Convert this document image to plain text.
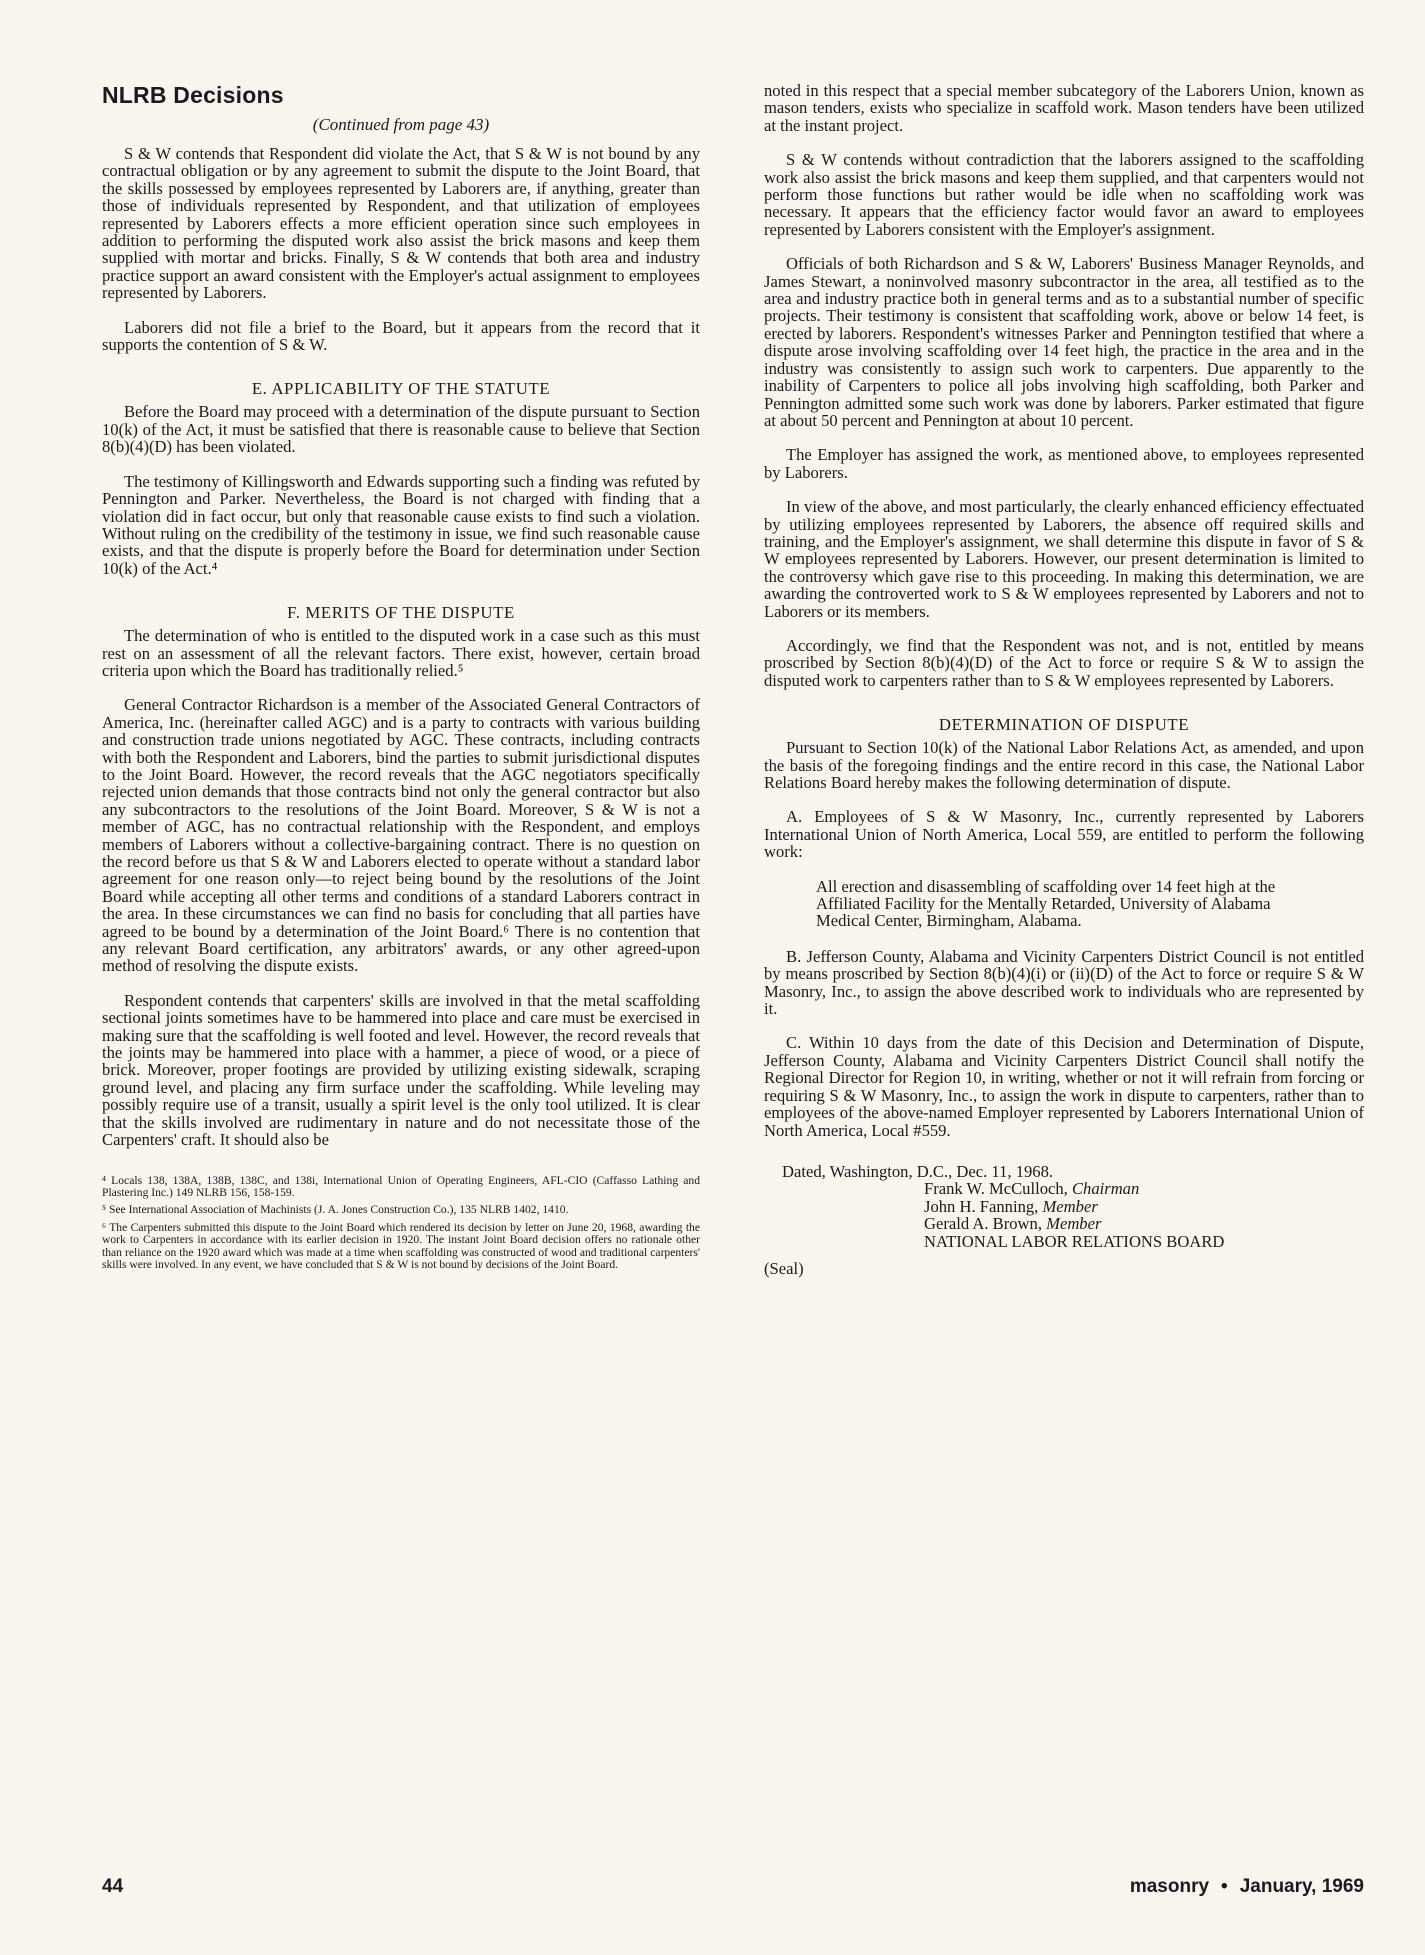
NLRB Decisions
(Continued from page 43)

S & W contends that Respondent did violate the Act, that S & W is not bound by any contractual obligation or by any agreement to submit the dispute to the Joint Board, that the skills possessed by employees represented by Laborers are, if anything, greater than those of individuals represented by Respondent, and that utilization of employees represented by Laborers effects a more efficient operation since such employees in addition to performing the disputed work also assist the brick masons and keep them supplied with mortar and bricks. Finally, S & W contends that both area and industry practice support an award consistent with the Employer's actual assignment to employees represented by Laborers.

Laborers did not file a brief to the Board, but it appears from the record that it supports the contention of S & W.

E. APPLICABILITY OF THE STATUTE

Before the Board may proceed with a determination of the dispute pursuant to Section 10(k) of the Act, it must be satisfied that there is reasonable cause to believe that Section 8(b)(4)(D) has been violated.

The testimony of Killingsworth and Edwards supporting such a finding was refuted by Pennington and Parker. Nevertheless, the Board is not charged with finding that a violation did in fact occur, but only that reasonable cause exists to find such a violation. Without ruling on the credibility of the testimony in issue, we find such reasonable cause exists, and that the dispute is properly before the Board for determination under Section 10(k) of the Act.⁴

F. MERITS OF THE DISPUTE

The determination of who is entitled to the disputed work in a case such as this must rest on an assessment of all the relevant factors. There exist, however, certain broad criteria upon which the Board has traditionally relied.⁵

General Contractor Richardson is a member of the Associated General Contractors of America, Inc. (hereinafter called AGC) and is a party to contracts with various building and construction trade unions negotiated by AGC. These contracts, including contracts with both the Respondent and Laborers, bind the parties to submit jurisdictional disputes to the Joint Board. However, the record reveals that the AGC negotiators specifically rejected union demands that those contracts bind not only the general contractor but also any subcontractors to the resolutions of the Joint Board. Moreover, S & W is not a member of AGC, has no contractual relationship with the Respondent, and employs members of Laborers without a collective-bargaining contract. There is no question on the record before us that S & W and Laborers elected to operate without a standard labor agreement for one reason only—to reject being bound by the resolutions of the Joint Board while accepting all other terms and conditions of a standard Laborers contract in the area. In these circumstances we can find no basis for concluding that all parties have agreed to be bound by a determination of the Joint Board.⁶ There is no contention that any relevant Board certification, any arbitrators' awards, or any other agreed-upon method of resolving the dispute exists.

Respondent contends that carpenters' skills are involved in that the metal scaffolding sectional joints sometimes have to be hammered into place and care must be exercised in making sure that the scaffolding is well footed and level. However, the record reveals that the joints may be hammered into place with a hammer, a piece of wood, or a piece of brick. Moreover, proper footings are provided by utilizing existing sidewalk, scraping ground level, and placing any firm surface under the scaffolding. While leveling may possibly require use of a transit, usually a spirit level is the only tool utilized. It is clear that the skills involved are rudimentary in nature and do not necessitate those of the Carpenters' craft. It should also be

⁴ Locals 138, 138A, 138B, 138C, and 138i, International Union of Operating Engineers, AFL-CIO (Caffasso Lathing and Plastering Inc.) 149 NLRB 156, 158-159.

⁵ See International Association of Machinists (J. A. Jones Construction Co.), 135 NLRB 1402, 1410.

⁶ The Carpenters submitted this dispute to the Joint Board which rendered its decision by letter on June 20, 1968, awarding the work to Carpenters in accordance with its earlier decision in 1920. The instant Joint Board decision offers no rationale other than reliance on the 1920 award which was made at a time when scaffolding was constructed of wood and traditional carpenters' skills were involved. In any event, we have concluded that S & W is not bound by decisions of the Joint Board.

noted in this respect that a special member subcategory of the Laborers Union, known as mason tenders, exists who specialize in scaffold work. Mason tenders have been utilized at the instant project.

S & W contends without contradiction that the laborers assigned to the scaffolding work also assist the brick masons and keep them supplied, and that carpenters would not perform those functions but rather would be idle when no scaffolding work was necessary. It appears that the efficiency factor would favor an award to employees represented by Laborers consistent with the Employer's assignment.

Officials of both Richardson and S & W, Laborers' Business Manager Reynolds, and James Stewart, a noninvolved masonry subcontractor in the area, all testified as to the area and industry practice both in general terms and as to a substantial number of specific projects. Their testimony is consistent that scaffolding work, above or below 14 feet, is erected by laborers. Respondent's witnesses Parker and Pennington testified that where a dispute arose involving scaffolding over 14 feet high, the practice in the area and in the industry was consistently to assign such work to carpenters. Due apparently to the inability of Carpenters to police all jobs involving high scaffolding, both Parker and Pennington admitted some such work was done by laborers. Parker estimated that figure at about 50 percent and Pennington at about 10 percent.

The Employer has assigned the work, as mentioned above, to employees represented by Laborers.

In view of the above, and most particularly, the clearly enhanced efficiency effectuated by utilizing employees represented by Laborers, the absence off required skills and training, and the Employer's assignment, we shall determine this dispute in favor of S & W employees represented by Laborers. However, our present determination is limited to the controversy which gave rise to this proceeding. In making this determination, we are awarding the controverted work to S & W employees represented by Laborers and not to Laborers or its members.

Accordingly, we find that the Respondent was not, and is not, entitled by means proscribed by Section 8(b)(4)(D) of the Act to force or require S & W to assign the disputed work to carpenters rather than to S & W employees represented by Laborers.

DETERMINATION OF DISPUTE

Pursuant to Section 10(k) of the National Labor Relations Act, as amended, and upon the basis of the foregoing findings and the entire record in this case, the National Labor Relations Board hereby makes the following determination of dispute.

A. Employees of S & W Masonry, Inc., currently represented by Laborers International Union of North America, Local 559, are entitled to perform the following work:

All erection and disassembling of scaffolding over 14 feet high at the Affiliated Facility for the Mentally Retarded, University of Alabama Medical Center, Birmingham, Alabama.

B. Jefferson County, Alabama and Vicinity Carpenters District Council is not entitled by means proscribed by Section 8(b)(4)(i) or (ii)(D) of the Act to force or require S & W Masonry, Inc., to assign the above described work to individuals who are represented by it.

C. Within 10 days from the date of this Decision and Determination of Dispute, Jefferson County, Alabama and Vicinity Carpenters District Council shall notify the Regional Director for Region 10, in writing, whether or not it will refrain from forcing or requiring S & W Masonry, Inc., to assign the work in dispute to carpenters, rather than to employees of the above-named Employer represented by Laborers International Union of North America, Local #559.

Dated, Washington, D.C., Dec. 11, 1968.
Frank W. McCulloch, Chairman
John H. Fanning, Member
Gerald A. Brown, Member
NATIONAL LABOR RELATIONS BOARD
(Seal)
44	masonry • January, 1969
